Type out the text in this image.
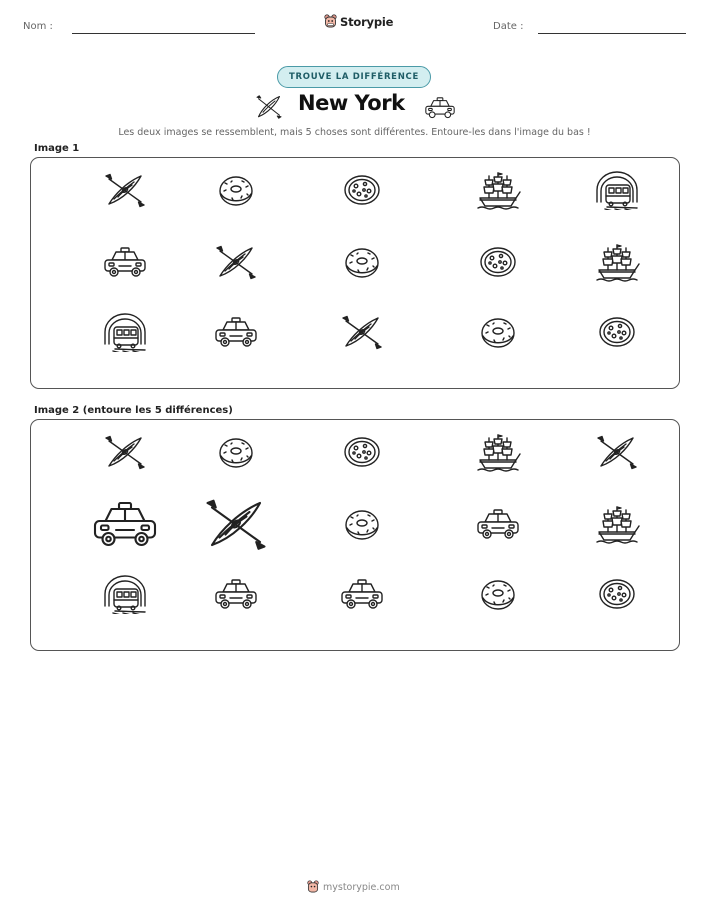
Nom :	Storypie	Date :
TROUVE LA DIFFÉRENCE
New York
Les deux images se ressemblent, mais 5 choses sont différentes. Entoure-les dans l'image du bas !
Image 1
Image 2 (entoure les 5 différences)
mystorypie.com
